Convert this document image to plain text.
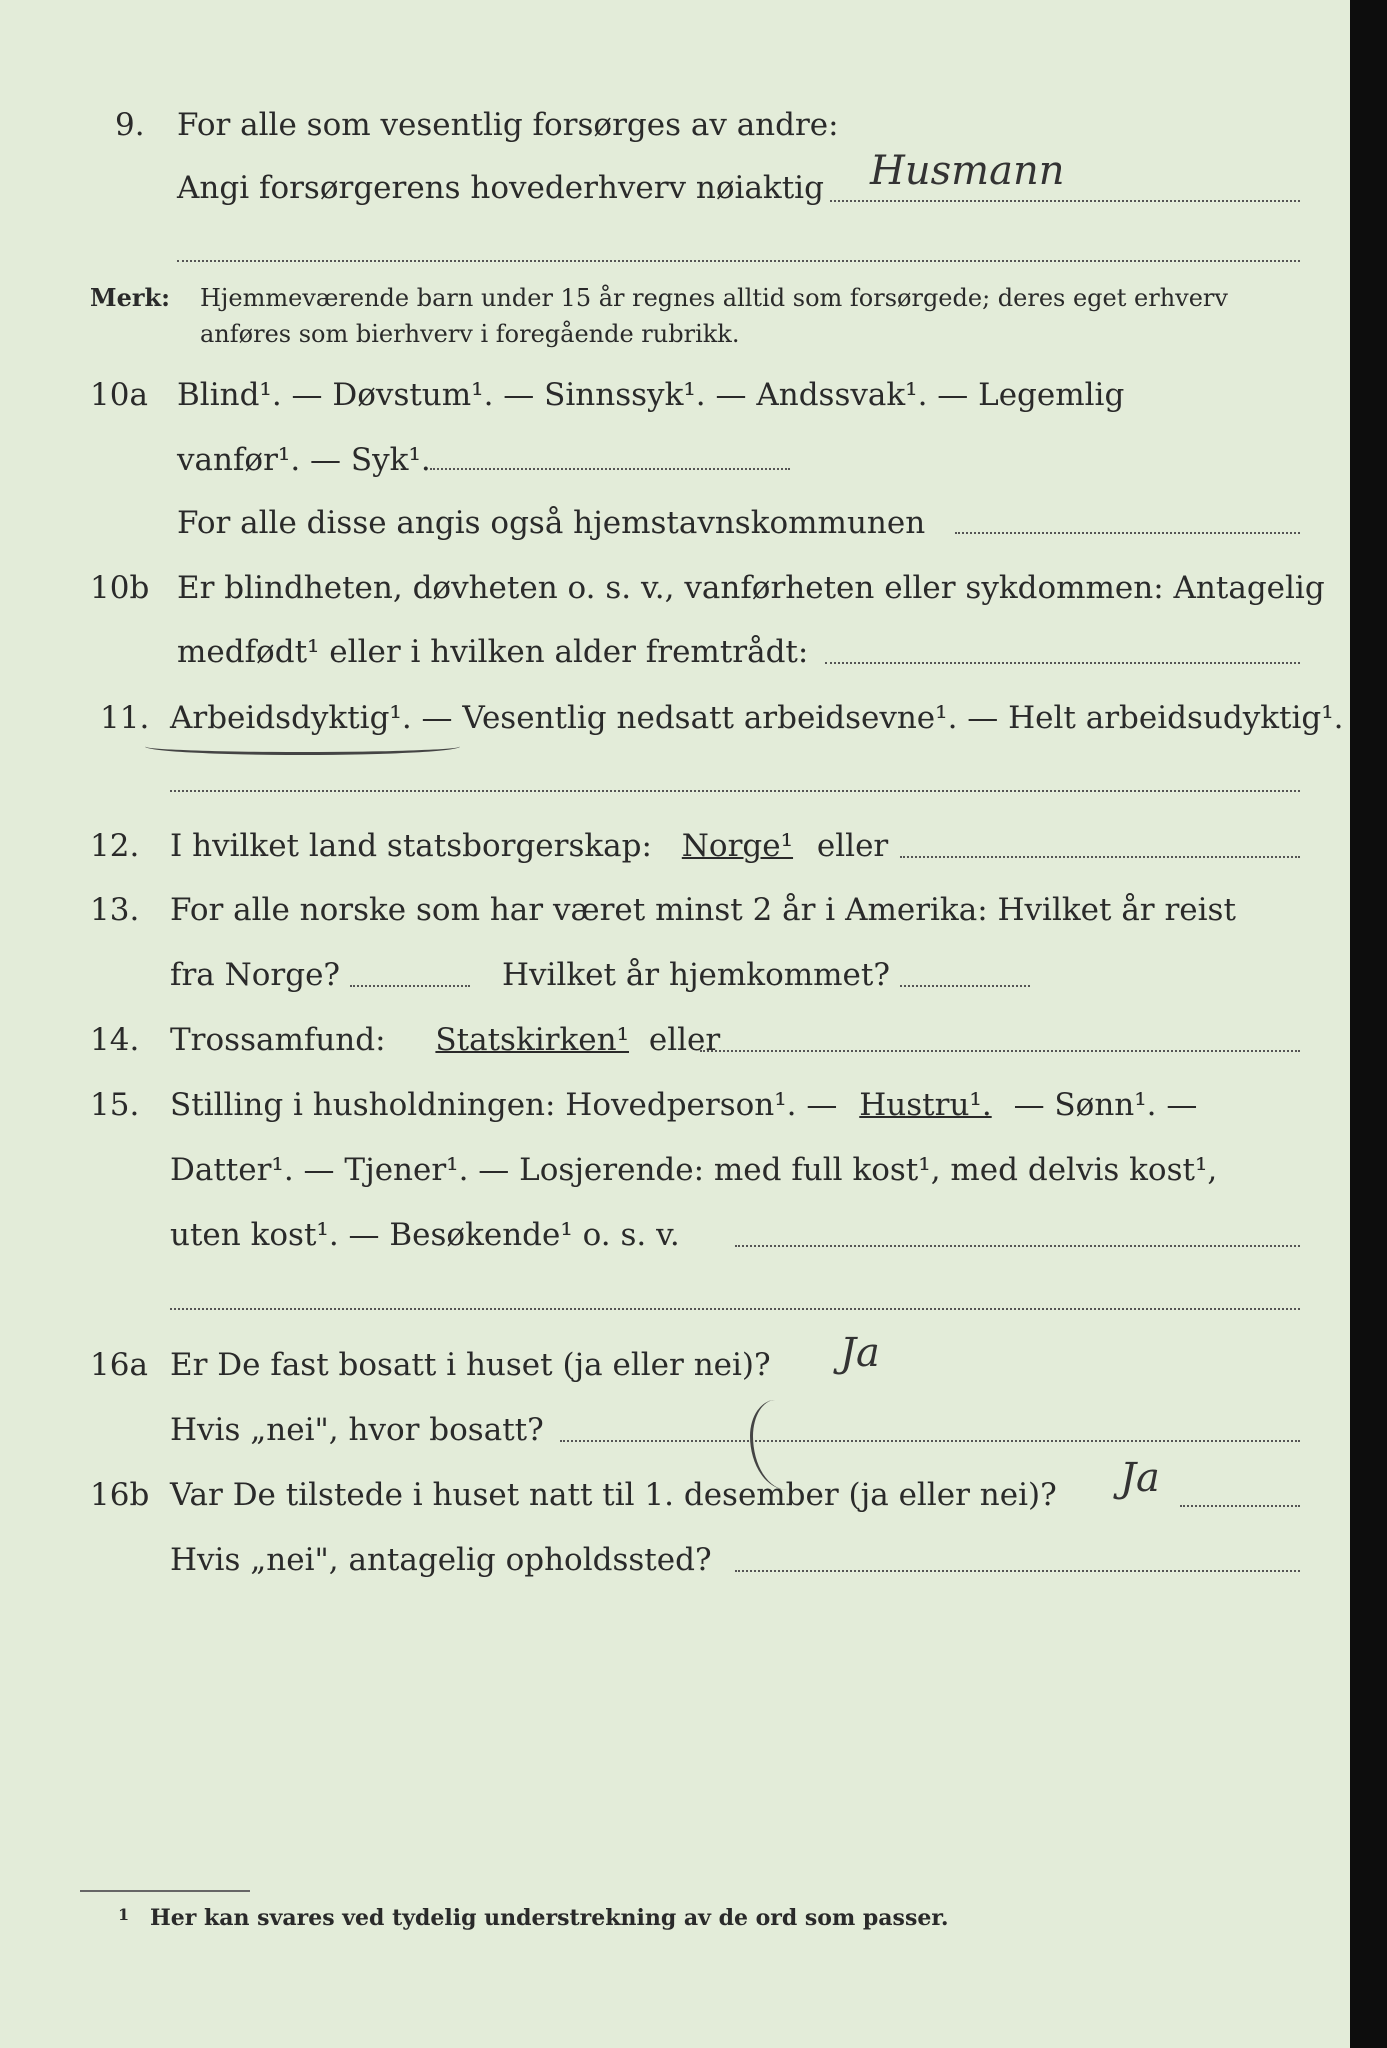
9. For alle som vesentlig forsørges av andre:
Angi forsørgerens hovederhverv nøiaktig Husmann
Merk: Hjemmeværende barn under 15 år regnes alltid som forsørgede; deres eget erhverv
anføres som bierhverv i foregående rubrikk.
10a Blind¹. — Døvstum¹. — Sinnssyk¹. — Andssvak¹. — Legemlig
vanfør¹. — Syk¹.
For alle disse angis også hjemstavnskommunen
10b Er blindheten, døvheten o. s. v., vanførheten eller sykdommen: Antagelig
medfødt¹ eller i hvilken alder fremtrådt:
11. Arbeidsdyktig¹. — Vesentlig nedsatt arbeidsevne¹. — Helt arbeidsudyktig¹.
12. I hvilket land statsborgerskap: Norge¹ eller
13. For alle norske som har været minst 2 år i Amerika: Hvilket år reist
fra Norge?	Hvilket år hjemkommet?
14. Trossamfund: Statskirken¹ eller
15. Stilling i husholdningen: Hovedperson¹. — Hustru¹. — Sønn¹. —
Datter¹. — Tjener¹. — Losjerende: med full kost¹, med delvis kost¹,
uten kost¹. — Besøkende¹ o. s. v.
16a Er De fast bosatt i huset (ja eller nei)? Ja
Hvis „nei", hvor bosatt?
16b Var De tilstede i huset natt til 1. desember (ja eller nei)? Ja
Hvis „nei", antagelig opholdssted?
1 Her kan svares ved tydelig understrekning av de ord som passer.
